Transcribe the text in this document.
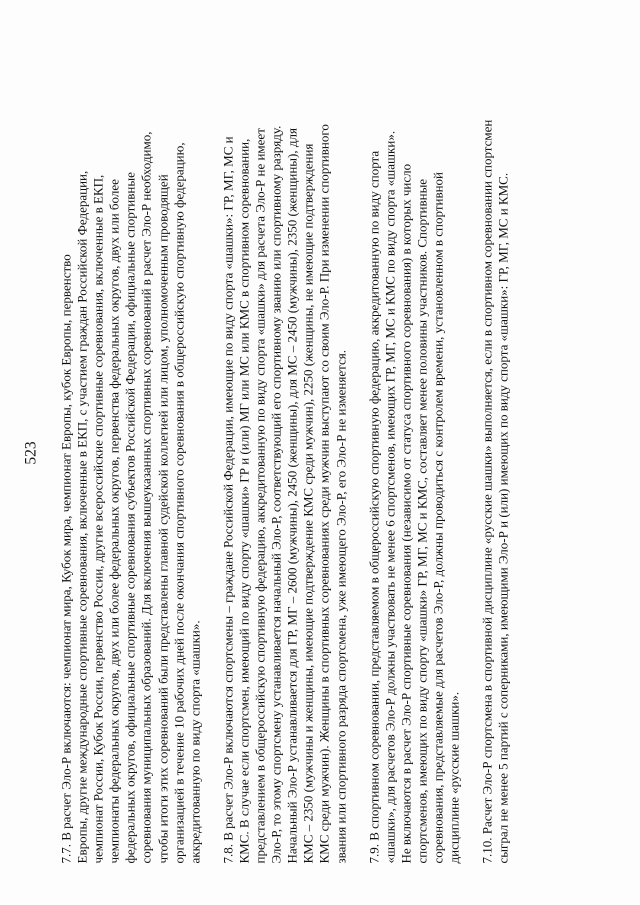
523 7.7. В расчет Эло-Р включаются: чемпионат мира, Кубок мира, чемпионат Европы, кубок Европы, первенство Европы, другие международные спортивные соревнования, включенные в ЕКП, с участием граждан Российской Федерации, чемпионат России, Кубок России, первенство России, другие всероссийские спортивные соревнования, включенные в ЕКП, чемпионаты федеральных округов, двух или более федеральных округов, первенства федеральных округов, двух или более федеральных округов, официальные спортивные соревнования субъектов Российской Федерации, официальные спортивные соревнования муниципальных образований. Для включения вышеуказанных спортивных соревнований в расчет Эло-Р необходимо, чтобы итоги этих соревнований были представлены главной судейской коллегией или лицом, уполномоченным проводящей организацией в течение 10 рабочих дней после окончания спортивного соревнования в общероссийскую спортивную федерацию, аккредитованную по виду спорта «шашки». 7.8. В расчет Эло-Р включаются спортсмены – граждане Российской Федерации, имеющие по виду спорта «шашки»: ГР, МГ, МС и КМС. В случае если спортсмен, имеющий по виду спорту «шашки» ГР и (или) МГ или МС или КМС в спортивном соревновании, представлением в общероссийскую спортивную федерацию, аккредитованную по виду спорта «шашки» для расчета Эло-Р не имеет Эло-Р, то этому спортсмену устанавливается начальный Эло-Р, соответствующий его спортивному званию или спортивному разряду. Начальный Эло-Р устанавливается для ГР, МГ – 2600 (мужчины), 2450 (женщины), для МС – 2450 (мужчины), 2350 (женщины), для КМС – 2350 (мужчины и женщины, имеющие подтверждение КМС среди мужчин), 2250 (женщины, не имеющие подтверждения КМС среди мужчин). Женщины в спортивных соревнованиях среди мужчин выступают со своим Эло-Р. При изменении спортивного звания или спортивного разряда спортсмена, уже имеющего Эло-Р, его Эло-Р не изменяется. 7.9. В спортивном соревновании, представляемом в общероссийскую спортивную федерацию, аккредитованную по виду спорта «шашки», для расчетов Эло-Р должны участвовать не менее 6 спортсменов, имеющих ГР, МГ, МС и КМС по виду спорта «шашки». Не включаются в расчет Эло-Р спортивные соревнования (независимо от статуса спортивного соревнования) в которых число спортсменов, имеющих по виду спорту «шашки» ГР, МГ, МС и КМС, составляет менее половины участников. Спортивные соревнования, представляемые для расчетов Эло-Р, должны проводиться с контролем времени, установленном в спортивной дисциплине «русские шашки». 7.10. Расчет Эло-Р спортсмена в спортивной дисциплине «русские шашки» выполняется, если в спортивном соревновании спортсмен сыграл не менее 5 партий с соперниками, имеющими Эло-Р и (или) имеющих по виду спорта «шашки»: ГР, МГ, МС и КМС.
